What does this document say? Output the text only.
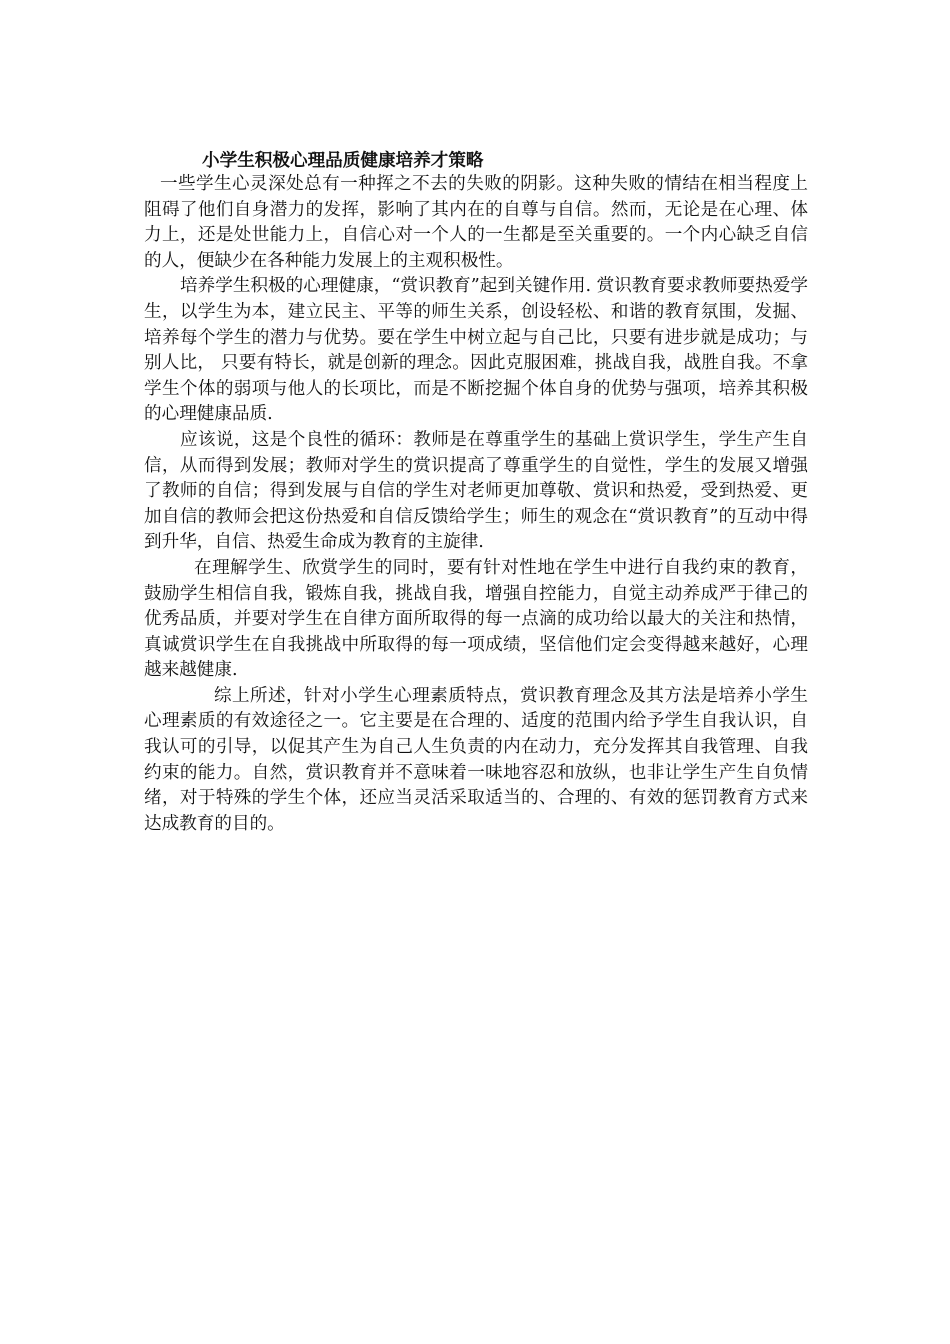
小学生积极心理品质健康培养才策略

一些学生心灵深处总有一种挥之不去的失败的阴影。这种失败的情结在相当程度上阻碍了他们自身潜力的发挥，影响了其内在的自尊与自信。然而，无论是在心理、体力上，还是处世能力上，自信心对一个人的一生都是至关重要的。一个内心缺乏自信的人，便缺少在各种能力发展上的主观积极性。

培养学生积极的心理健康，“赏识教育”起到关键作用. 赏识教育要求教师要热爱学生，以学生为本，建立民主、平等的师生关系，创设轻松、和谐的教育氛围，发掘、培养每个学生的潜力与优势。要在学生中树立起与自己比，只要有进步就是成功；与别人比， 只要有特长，就是创新的理念。因此克服困难，挑战自我，战胜自我。不拿学生个体的弱项与他人的长项比，而是不断挖掘个体自身的优势与强项，培养其积极的心理健康品质.

应该说，这是个良性的循环：教师是在尊重学生的基础上赏识学生，学生产生自信，从而得到发展；教师对学生的赏识提高了尊重学生的自觉性，学生的发展又增强了教师的自信；得到发展与自信的学生对老师更加尊敬、赏识和热爱，受到热爱、更加自信的教师会把这份热爱和自信反馈给学生；师生的观念在“赏识教育”的互动中得到升华，自信、热爱生命成为教育的主旋律.

在理解学生、欣赏学生的同时，要有针对性地在学生中进行自我约束的教育，鼓励学生相信自我，锻炼自我，挑战自我，增强自控能力，自觉主动养成严于律己的 优秀品质，并要对学生在自律方面所取得的每一点滴的成功给以最大的关注和热情，真诚赏识学生在自我挑战中所取得的每一项成绩，坚信他们定会变得越来越好，心理越来越健康.

综上所述，针对小学生心理素质特点，赏识教育理念及其方法是培养小学生心理素质的有效途径之一。它主要是在合理的、适度的范围内给予学生自我认识，自我认可的引导，以促其产生为自己人生负责的内在动力，充分发挥其自我管理、自我约束的能力。自然，赏识教育并不意味着一味地容忍和放纵，也非让学生产生自负情绪，对于特殊的学生个体，还应当灵活采取适当的、合理的、有效的惩罚教育方式来达成教育的目的。
